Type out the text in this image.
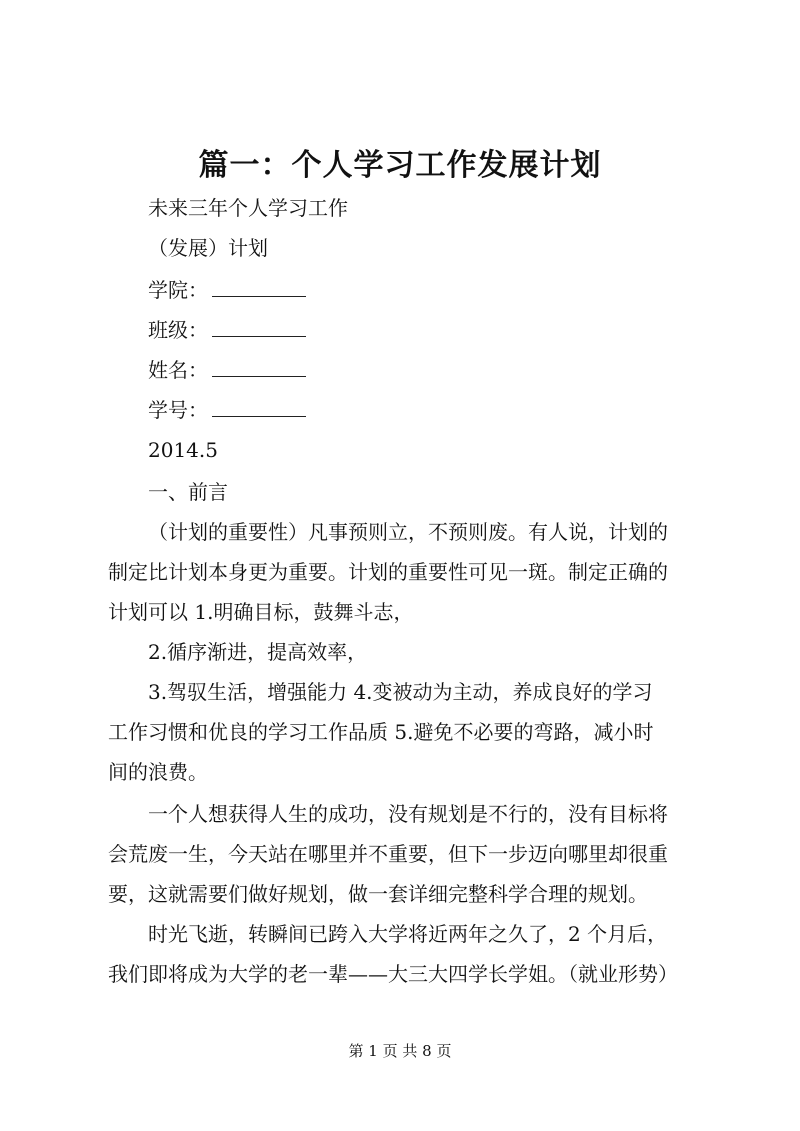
篇一：个人学习工作发展计划
未来三年个人学习工作
（发展）计划
学院：
班级：
姓名：
学号：
2014.5
一、前言
（计划的重要性）凡事预则立，不预则废。有人说，计划的
制定比计划本身更为重要。计划的重要性可见一斑。制定正确的
计划可以 1.明确目标，鼓舞斗志，
2.循序渐进，提高效率，
3.驾驭生活，增强能力 4.变被动为主动，养成良好的学习
工作习惯和优良的学习工作品质 5.避免不必要的弯路，减小时
间的浪费。
一个人想获得人生的成功，没有规划是不行的，没有目标将
会荒废一生，今天站在哪里并不重要，但下一步迈向哪里却很重
要，这就需要们做好规划，做一套详细完整科学合理的规划。
时光飞逝，转瞬间已跨入大学将近两年之久了，2 个月后，
我们即将成为大学的老一辈——大三大四学长学姐。（就业形势）
第 1 页 共 8 页
